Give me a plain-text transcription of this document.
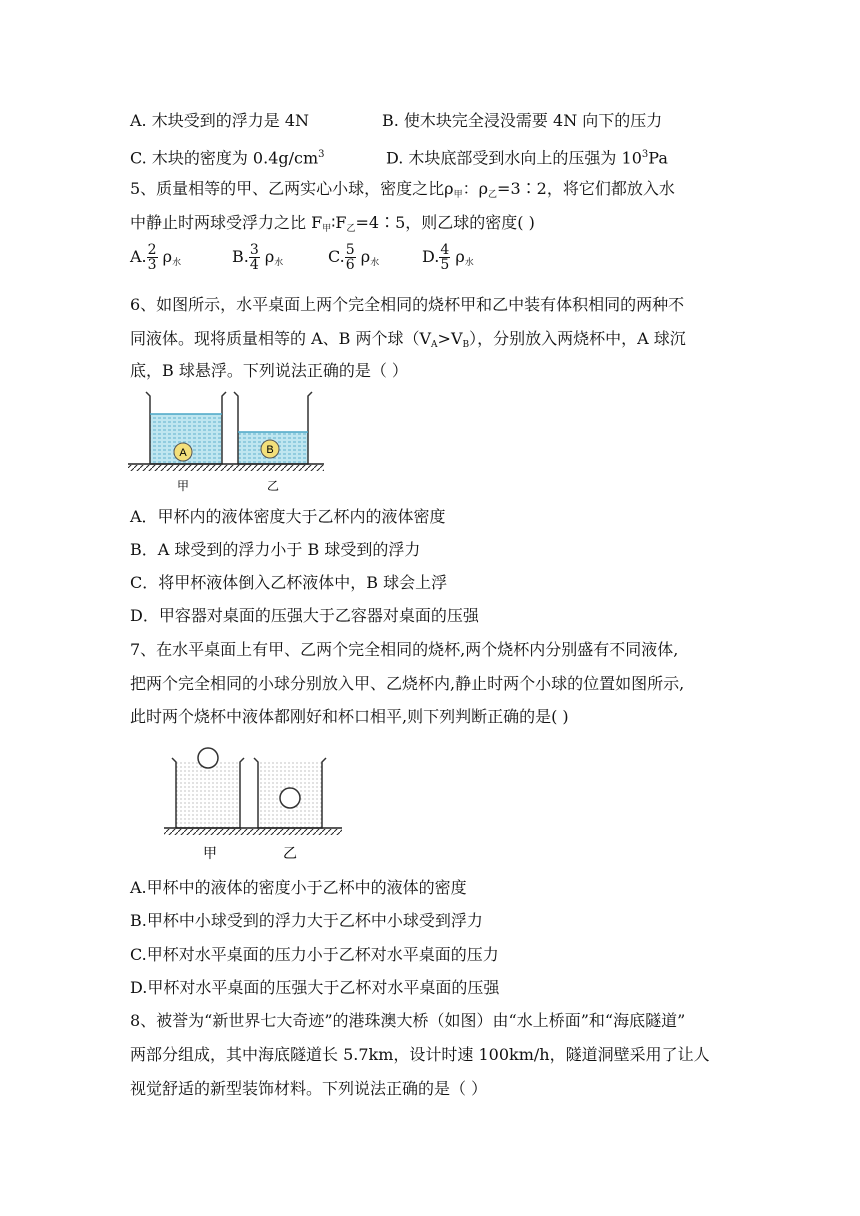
A. 木块受到的浮力是 4N	B. 使木块完全浸没需要 4N 向下的压力
C. 木块的密度为 $0.4g/cm^3$	D. 木块底部受到水向上的压强为 $10^3Pa$
5、质量相等的甲、乙两实心小球，密度之比$\rho_甲$：$\rho_乙=3∶2$，将它们都放入水
中静止时两球受浮力之比 $F_甲∶F_乙=4∶5$，则乙球的密度( )
A. $\frac{2}{3} \rho_水$	B. $\frac{3}{4} \rho_水$	C. $\frac{5}{6} \rho_水$	D. $\frac{4}{5} \rho_水$
6、如图所示，水平桌面上两个完全相同的烧杯甲和乙中装有体积相同的两种不
同液体。现将质量相等的 A、B 两个球$(V_A>V_B)$，分别放入两烧杯中，A 球沉
底，B 球悬浮。下列说法正确的是（ ）
A	B
甲	乙
A．甲杯内的液体密度大于乙杯内的液体密度
B．A 球受到的浮力小于 B 球受到的浮力
C．将甲杯液体倒入乙杯液体中，B 球会上浮
D．甲容器对桌面的压强大于乙容器对桌面的压强
7、在水平桌面上有甲、乙两个完全相同的烧杯,两个烧杯内分别盛有不同液体,
把两个完全相同的小球分别放入甲、乙烧杯内,静止时两个小球的位置如图所示,
此时两个烧杯中液体都刚好和杯口相平,则下列判断正确的是( )
甲	乙
A.甲杯中的液体的密度小于乙杯中的液体的密度
B.甲杯中小球受到的浮力大于乙杯中小球受到浮力
C.甲杯对水平桌面的压力小于乙杯对水平桌面的压力
D.甲杯对水平桌面的压强大于乙杯对水平桌面的压强
8、被誉为“新世界七大奇迹”的港珠澳大桥（如图）由“水上桥面”和“海底隧道”
两部分组成，其中海底隧道长 5.7km，设计时速 100km/h，隧道洞壁采用了让人
视觉舒适的新型装饰材料。下列说法正确的是（ ）
